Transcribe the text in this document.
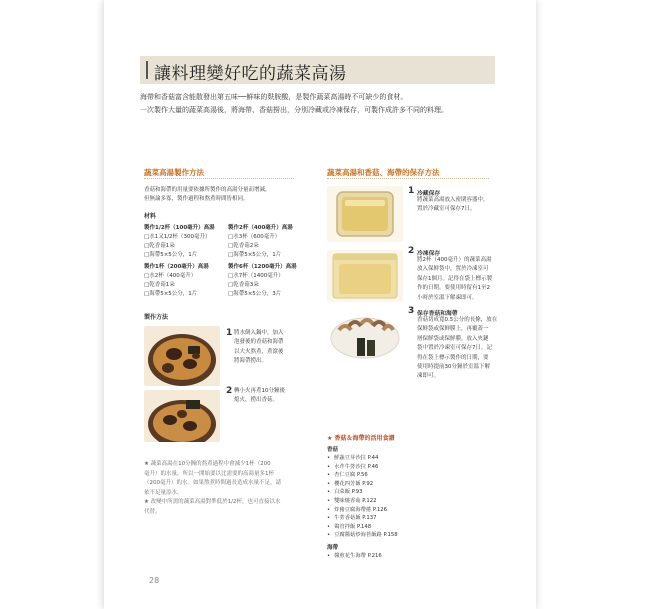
讓料理變好吃的蔬菜高湯
海帶和香菇富含能散發出第五味──鮮味的麩胺酸，是製作蔬菜高湯時不可缺少的食材。
一次製作大量的蔬菜高湯後，將海帶、香菇撈出，分別冷藏或冷凍保存，可製作成許多不同的料理。
蔬菜高湯製作方法
香菇和海帶的用量要依據所製作的高湯分量而增減，
但無論多寡，製作過程和熬煮時間皆相同。
材料
製作1/2杯（100毫升）高湯
□水1又1/2杯（300毫升）
□乾香菇1朵
□海帶5×5公分，1片
製作2杯（400毫升）高湯
□水3杯（600毫升）
□乾香菇2朵
□海帶5×5公分，1片
製作1杯（200毫升）高湯
□水2杯（400毫升）
□乾香菇1朵
□海帶5×5公分，1片
製作6杯（1200毫升）高湯
□水7杯（1400毫升）
□乾香菇3朵
□海帶5×5公分，3片
製作方法
1 將水倒入鍋中，加入
泡發後的香菇和海帶
以大火熬煮，煮滾後
將海帶撈出。
2 轉小火再煮10分鐘後
熄火，撈出香菇。
★ 蔬菜高湯在10分鐘的熬煮過程中會減少1杯（200
毫升）的水量，所以一開始要以比需要的高湯量多1杯
（200毫升）的水。如果熬煮時間過長造成水量不足，請
依不足量添水。
★ 改變中所需的蔬菜高湯對準低於1/2杯，也可直接以水
代替。
蔬菜高湯和香菇、海帶的保存方法
1 冷藏保存
將蔬菜高湯放入密閉容器中，
置於冷藏室可保存7日。
2 冷凍保存
將2杯（400毫升）的蔬菜高湯
放入保鮮袋中，置於冷凍室可
保存1個月。記得在袋上標示製
作的日期。要使用時留有1至2
小時於室溫下解凍即可。
3 保存香菇和海帶
香菇切成寬0.5公分的長條，放在
保鮮袋或保鮮膜上，再覆蓋一
層保鮮袋或保鮮膜。放入夾鏈
袋中置於冷凍室可保存7日。記
得在袋上標示製作的日期，要
使用時提前30分鐘於室溫下解
凍即可。
★ 香菇＆海帶的活用食譜
香菇
• 鮮蔬豆芽沙拉 P.44
• 水芹牛蒡沙拉 P.46
• 杏仁豆腐 P.56
• 櫻花四芳飯 P.92
• 白菜飯 P.93
• 雙味燒香菇 P.122
• 炸豬豆腐海帶捲 P.126
• 牛蒡香菇飯 P.137
• 鶏管拌飯 P.148
• 豆腐醬菇炒海苔飯路 P.158
海帶
• 醬煎花生海帶 P.216
28
